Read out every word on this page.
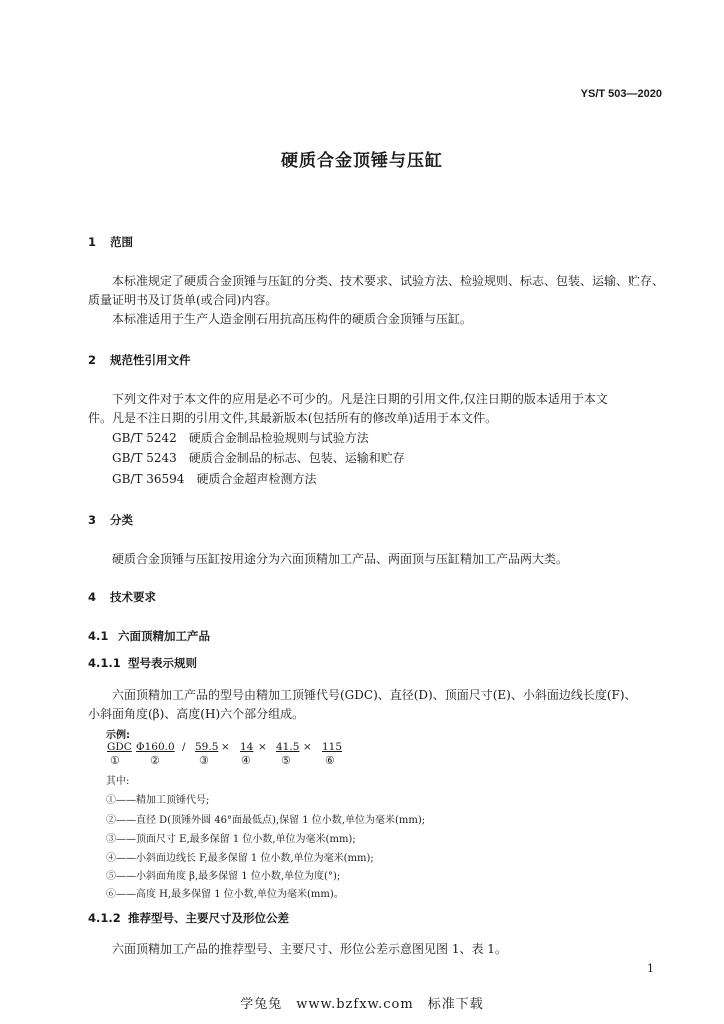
YS/T 503—2020
硬质合金顶锤与压缸
1 范围
本标准规定了硬质合金顶锤与压缸的分类、技术要求、试验方法、检验规则、标志、包装、运输、贮存、
质量证明书及订货单(或合同)内容。
本标准适用于生产人造金刚石用抗高压构件的硬质合金顶锤与压缸。
2 规范性引用文件
下列文件对于本文件的应用是必不可少的。凡是注日期的引用文件,仅注日期的版本适用于本文
件。凡是不注日期的引用文件,其最新版本(包括所有的修改单)适用于本文件。
GB/T 5242　硬质合金制品检验规则与试验方法
GB/T 5243　硬质合金制品的标志、包装、运输和贮存
GB/T 36594　硬质合金超声检测方法
3 分类
硬质合金顶锤与压缸按用途分为六面顶精加工产品、两面顶与压缸精加工产品两大类。
4 技术要求
4.1 六面顶精加工产品
4.1.1 型号表示规则
六面顶精加工产品的型号由精加工顶锤代号(GDC)、直径(D)、顶面尺寸(E)、小斜面边线长度(F)、
小斜面角度(β)、高度(H)六个部分组成。
示例:
GDC Φ160.0 / 59.5 × 14 × 41.5 × 115
①	②	③	④	⑤	⑥
其中:
①——精加工顶锤代号;
②——直径 D(顶锤外圆 46°面最低点),保留 1 位小数,单位为毫米(mm);
③——顶面尺寸 E,最多保留 1 位小数,单位为毫米(mm);
④——小斜面边线长 F,最多保留 1 位小数,单位为毫米(mm);
⑤——小斜面角度 β,最多保留 1 位小数,单位为度(°);
⑥——高度 H,最多保留 1 位小数,单位为毫米(mm)。
4.1.2 推荐型号、主要尺寸及形位公差
六面顶精加工产品的推荐型号、主要尺寸、形位公差示意图见图 1、表 1。
1
学兔兔　www.bzfxw.com　标准下载
